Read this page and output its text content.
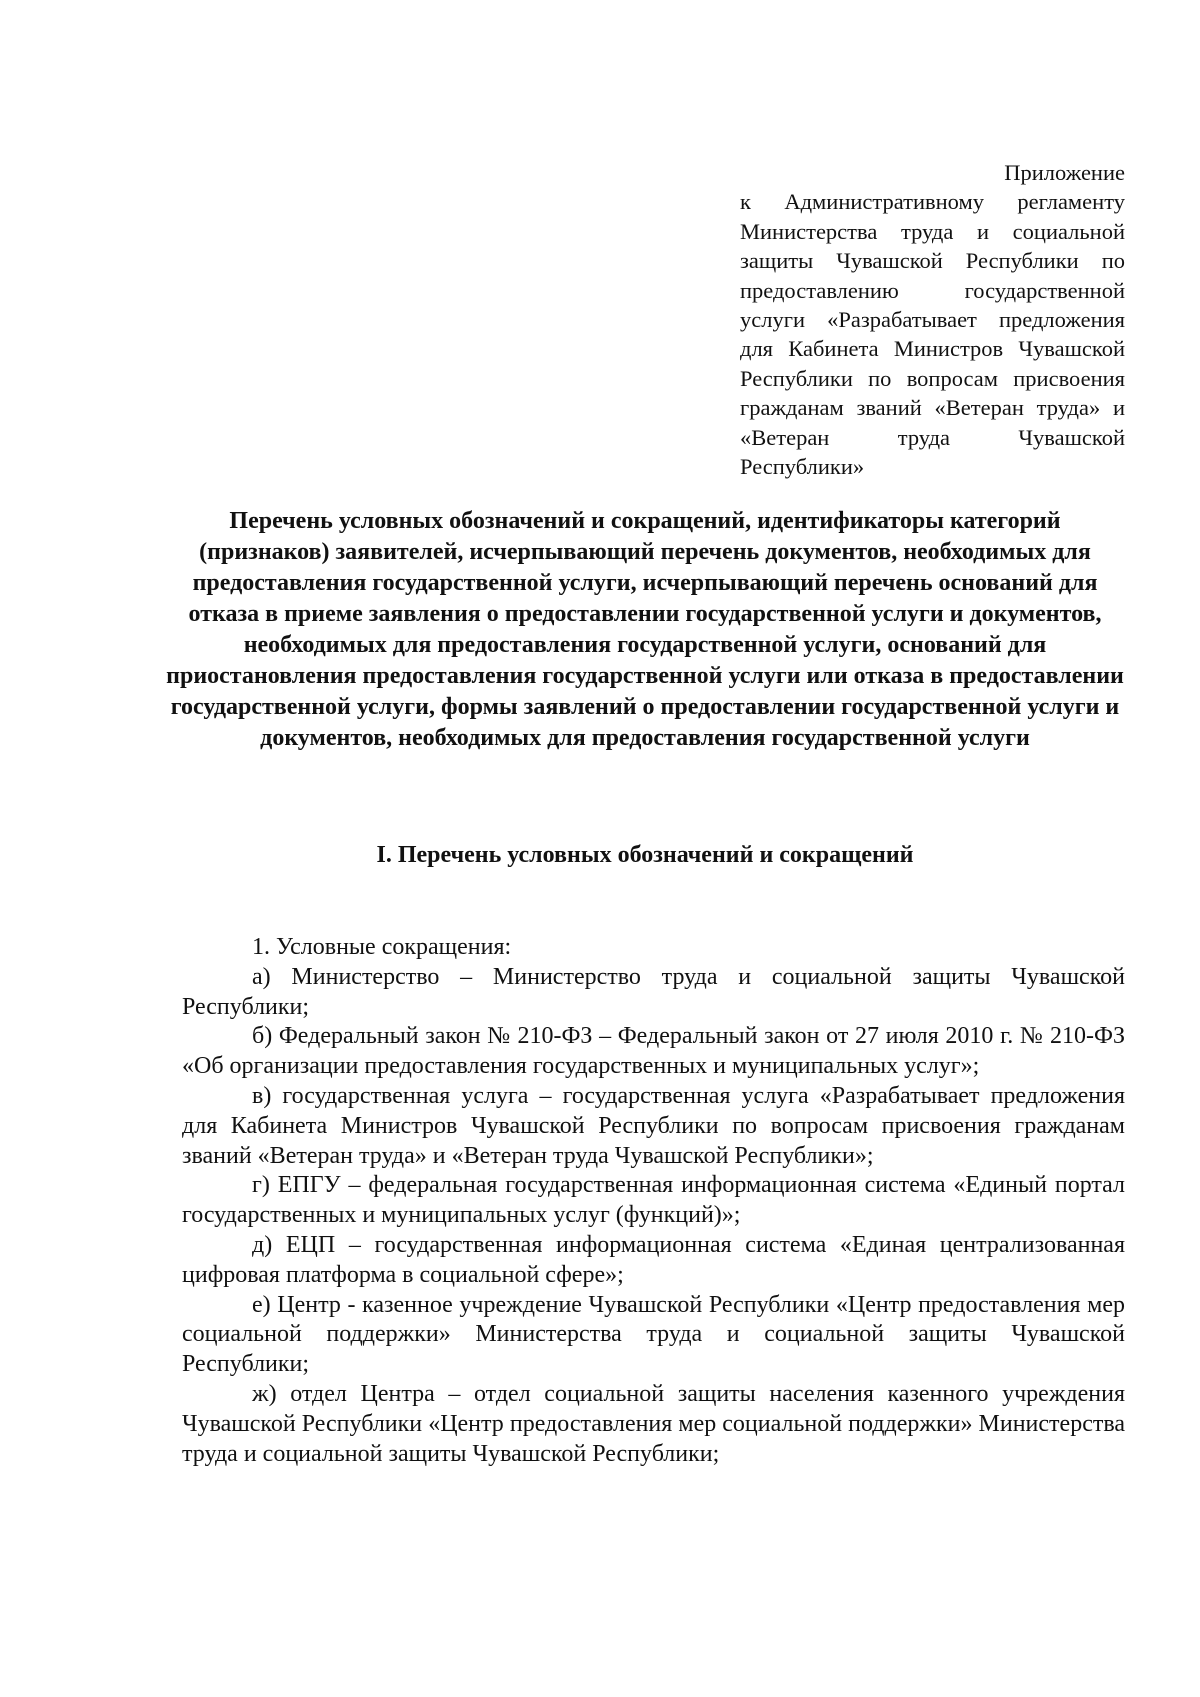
Приложение
к Административному регламенту Министерства труда и социальной защиты Чувашской Республики по предоставлению государственной услуги «Разрабатывает предложения для Кабинета Министров Чувашской Республики по вопросам присвоения гражданам званий «Ветеран труда» и «Ветеран труда Чувашской Республики»
Перечень условных обозначений и сокращений, идентификаторы категорий (признаков) заявителей, исчерпывающий перечень документов, необходимых для предоставления государственной услуги, исчерпывающий перечень оснований для отказа в приеме заявления о предоставлении государственной услуги и документов, необходимых для предоставления государственной услуги, оснований для приостановления предоставления государственной услуги или отказа в предоставлении государственной услуги, формы заявлений о предоставлении государственной услуги и документов, необходимых для предоставления государственной услуги
I. Перечень условных обозначений и сокращений

1. Условные сокращения:

а) Министерство – Министерство труда и социальной защиты Чувашской Республики;

б) Федеральный закон № 210-ФЗ – Федеральный закон от 27 июля 2010 г. № 210-ФЗ «Об организации предоставления государственных и муниципальных услуг»;

в) государственная услуга – государственная услуга «Разрабатывает предложения для Кабинета Министров Чувашской Республики по вопросам присвоения гражданам званий «Ветеран труда» и «Ветеран труда Чувашской Республики»;

г) ЕПГУ – федеральная государственная информационная система «Единый портал государственных и муниципальных услуг (функций)»;

д) ЕЦП – государственная информационная система «Единая централизованная цифровая платформа в социальной сфере»;

е) Центр - казенное учреждение Чувашской Республики «Центр предоставления мер социальной поддержки» Министерства труда и социальной защиты Чувашской Республики;

ж) отдел Центра – отдел социальной защиты населения казенного учреждения Чувашской Республики «Центр предоставления мер социальной поддержки» Министерства труда и социальной защиты Чувашской Республики;
